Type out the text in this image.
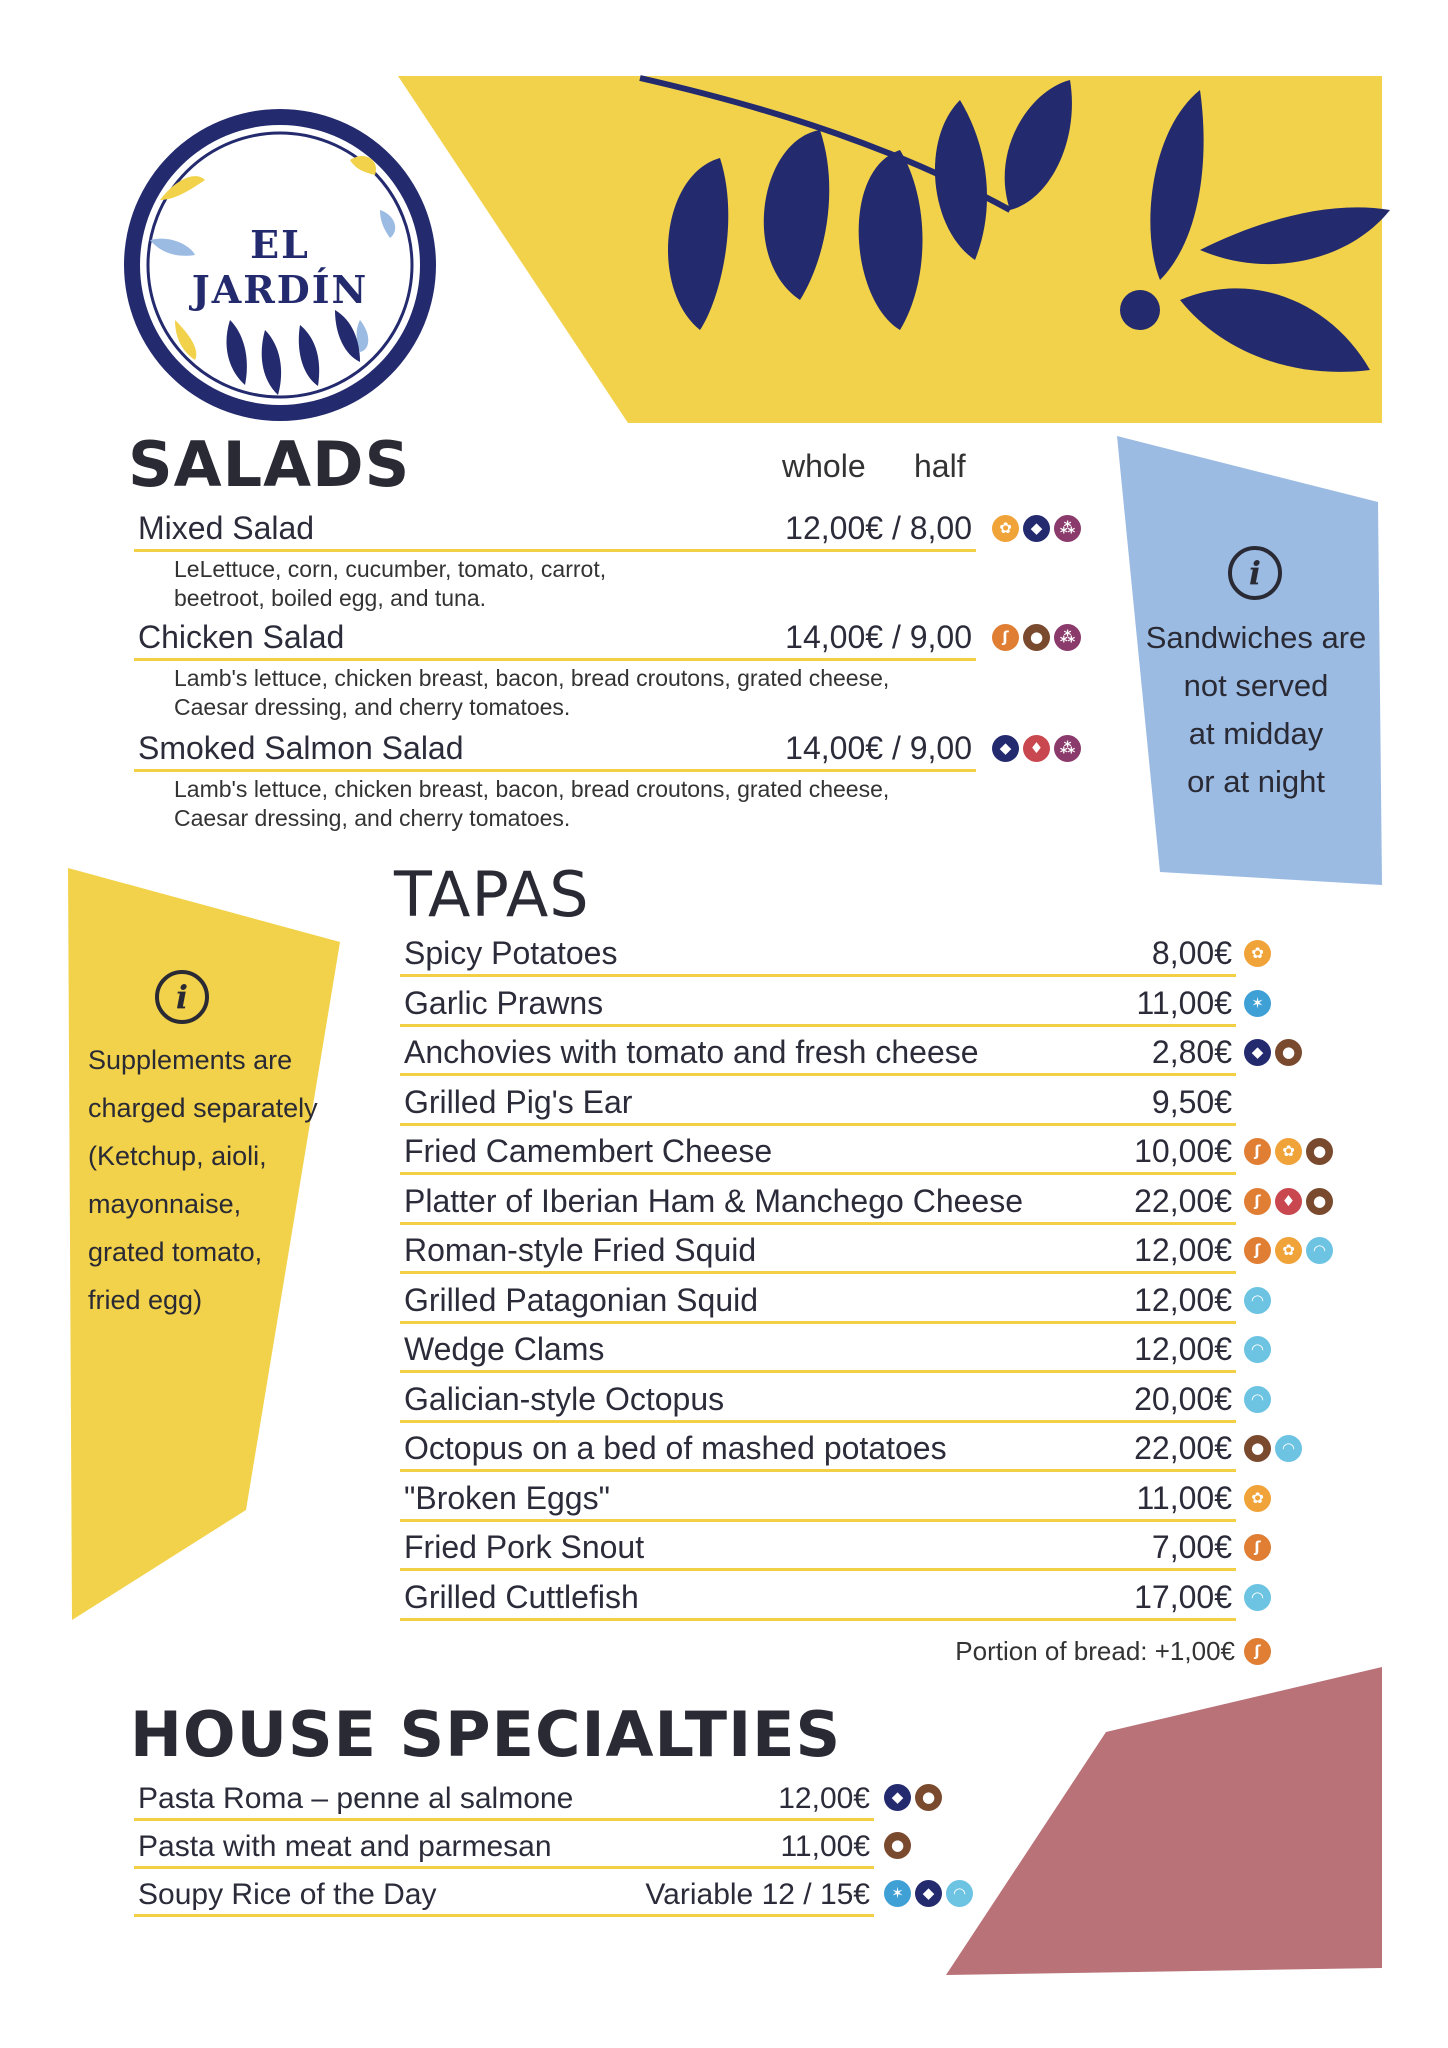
EL JARDÍN
SALADS	whole half
Mixed Salad	12,00€ / 8,00	✿	◆	⁂
LeLettuce, corn, cucumber, tomato, carrot,
beetroot, boiled egg, and tuna.
Chicken Salad	14,00€ / 9,00	ʃ	●	⁂
Lamb's lettuce, chicken breast, bacon, bread croutons, grated cheese,
Caesar dressing, and cherry tomatoes.
Smoked Salmon Salad	14,00€ / 9,00	◆	♦	⁂
Lamb's lettuce, chicken breast, bacon, bread croutons, grated cheese,
Caesar dressing, and cherry tomatoes.
i
Sandwiches are
not served
at midday
or at night
i
Supplements are
charged separately
(Ketchup, aioli,
mayonnaise,
grated tomato,
fried egg)
TAPAS
Spicy Potatoes	8,00€	✿
Garlic Prawns	11,00€	✶
Anchovies with tomato and fresh cheese	2,80€	◆	●
Grilled Pig's Ear	9,50€
Fried Camembert Cheese	10,00€	ʃ	✿	●
Platter of Iberian Ham & Manchego Cheese	22,00€	ʃ	♦	●
Roman-style Fried Squid	12,00€	ʃ	✿	◠
Grilled Patagonian Squid	12,00€	◠
Wedge Clams	12,00€	◠
Galician-style Octopus	20,00€	◠
Octopus on a bed of mashed potatoes	22,00€	●	◠
"Broken Eggs"	11,00€	✿
Fried Pork Snout	7,00€	ʃ
Grilled Cuttlefish	17,00€	◠
Portion of bread: +1,00€	ʃ
HOUSE SPECIALTIES
Pasta Roma – penne al salmone	12,00€	◆	●
Pasta with meat and parmesan	11,00€	●
Soupy Rice of the Day	Variable 12 / 15€	✶	◆	◠
